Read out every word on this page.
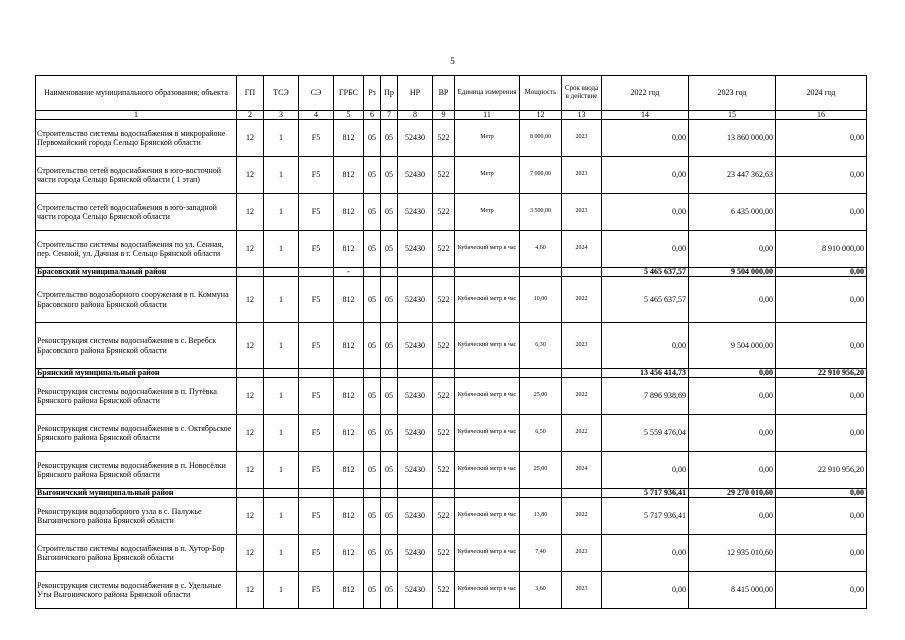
5
Наименование муниципального образования; объекта	ГП	ТСЭ	СЭ	ГРБС	Рз	Пр	НР	ВР	Единица измерения	Мощность	Срок ввода в действие	2022 год	2023 год	2024 год
1	2	3	4	5	6	7	8	9	11	12	13	14	15	16
Строительство системы водоснабжения в микрорайоне Первомайский города Сельцо Брянской области	12	1	F5	812	05	05	52430	522	Метр	8 000,00	2023	0,00	13 860 000,00	0,00
Строительство сетей водоснабжения в юго-восточной части города Сельцо Брянской области ( 1 этап)	12	1	F5	812	05	05	52430	522	Метр	7 000,00	2023	0,00	23 447 362,63	0,00
Строительство сетей водоснабжения в юго-западной части города Сельцо Брянской области	12	1	F5	812	05	05	52430	522	Метр	3 500,00	2023	0,00	6 435 000,00	0,00
Строительство системы водоснабжения по ул. Сенная, пер. Сенной, ул. Дачная в г. Сельцо Брянской области	12	1	F5	812	05	05	52430	522	Кубический метр в час	4,60	2024	0,00	0,00	8 910 000,00
Брасовский муниципальный район				-								5 465 637,57	9 504 000,00	0,00
Строительство водозаборного сооружения в п. Коммуна Брасовского района Брянской области	12	1	F5	812	05	05	52430	522	Кубический метр в час	10,00	2022	5 465 637,57	0,00	0,00
Реконструкция системы водоснабжения в с. Веребск Брасовского района Брянской области	12	1	F5	812	05	05	52430	522	Кубический метр в час	6,30	2023	0,00	9 504 000,00	0,00
Брянский муниципальный район												13 456 414,73	0,00	22 910 956,20
Реконструкция системы водоснабжения в п. Путёвка Брянского района Брянской области	12	1	F5	812	05	05	52430	522	Кубический метр в час	25,00	2022	7 896 938,69	0,00	0,00
Реконструкция системы водоснабжения в с. Октябрьское Брянского района Брянской области	12	1	F5	812	05	05	52430	522	Кубический метр в час	6,50	2022	5 559 476,04	0,00	0,00
Реконструкция системы водоснабжения в п. Новосёлки Брянского района Брянской области	12	1	F5	812	05	05	52430	522	Кубический метр в час	25,00	2024	0,00	0,00	22 910 956,20
Выгоничский муниципальный район												5 717 936,41	29 270 010,60	0,00
Реконструкция водозаборного узла в с. Палужье Выгоничского района Брянской области	12	1	F5	812	05	05	52430	522	Кубический метр в час	13,80	2022	5 717 936,41	0,00	0,00
Строительство системы водоснабжения в п. Хутор-Бор Выгоничского района Брянской области	12	1	F5	812	05	05	52430	522	Кубический метр в час	7,40	2023	0,00	12 935 010,60	0,00
Реконструкция системы водоснабжения в с. Удельные Уты Выгоничского района Брянской области	12	1	F5	812	05	05	52430	522	Кубический метр в час	3,60	2023	0,00	8 415 000,00	0,00
